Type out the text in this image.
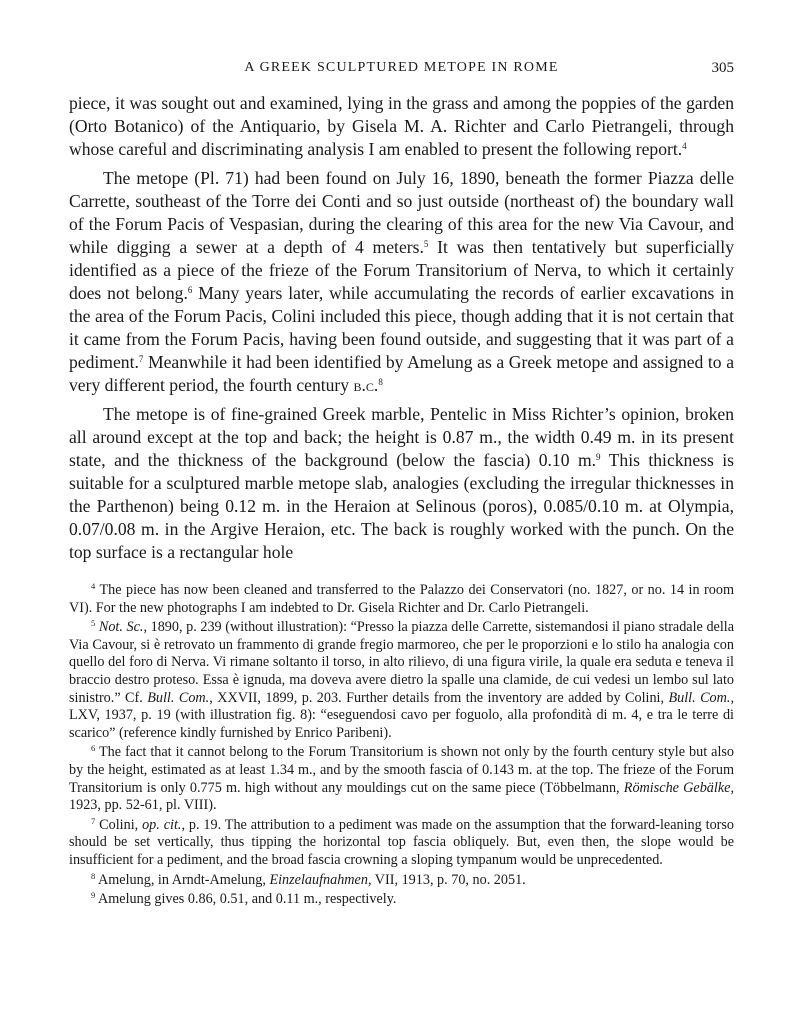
A GREEK SCULPTURED METOPE IN ROME	305

piece, it was sought out and examined, lying in the grass and among the poppies of the garden (Orto Botanico) of the Antiquario, by Gisela M. A. Richter and Carlo Pietrangeli, through whose careful and discriminating analysis I am enabled to present the following report.$^4$

The metope (Pl. 71) had been found on July 16, 1890, beneath the former Piazza delle Carrette, southeast of the Torre dei Conti and so just outside (northeast of) the boundary wall of the Forum Pacis of Vespasian, during the clearing of this area for the new Via Cavour, and while digging a sewer at a depth of 4 meters.$^5$ It was then tentatively but superficially identified as a piece of the frieze of the Forum Transitorium of Nerva, to which it certainly does not belong.$^6$ Many years later, while accumulating the records of earlier excavations in the area of the Forum Pacis, Colini included this piece, though adding that it is not certain that it came from the Forum Pacis, having been found outside, and suggesting that it was part of a pediment.$^7$ Meanwhile it had been identified by Amelung as a Greek metope and assigned to a very different period, the fourth century b.c.$^8$

The metope is of fine-grained Greek marble, Pentelic in Miss Richter’s opinion, broken all around except at the top and back; the height is 0.87 m., the width 0.49 m. in its present state, and the thickness of the background (below the fascia) 0.10 m.$^9$ This thickness is suitable for a sculptured marble metope slab, analogies (excluding the irregular thicknesses in the Parthenon) being 0.12 m. in the Heraion at Selinous (poros), 0.085/0.10 m. at Olympia, 0.07/0.08 m. in the Argive Heraion, etc. The back is roughly worked with the punch. On the top surface is a rectangular hole

$^4$ The piece has now been cleaned and transferred to the Palazzo dei Conservatori (no. 1827, or no. 14 in room VI). For the new photographs I am indebted to Dr. Gisela Richter and Dr. Carlo Pietrangeli.

$^5$ Not. Sc., 1890, p. 239 (without illustration): “Presso la piazza delle Carrette, sistemandosi il piano stradale della Via Cavour, si è retrovato un frammento di grande fregio marmoreo, che per le proporzioni e lo stilo ha analogia con quello del foro di Nerva. Vi rimane soltanto il torso, in alto rilievo, di una figura virile, la quale era seduta e teneva il braccio destro proteso. Essa è ignuda, ma doveva avere dietro la spalle una clamide, de cui vedesi un lembo sul lato sinistro.” Cf. Bull. Com., XXVII, 1899, p. 203. Further details from the inventory are added by Colini, Bull. Com., LXV, 1937, p. 19 (with illustration fig. 8): “eseguendosi cavo per foguolo, alla profondità di m. 4, e tra le terre di scarico” (reference kindly furnished by Enrico Paribeni).

$^6$ The fact that it cannot belong to the Forum Transitorium is shown not only by the fourth century style but also by the height, estimated as at least 1.34 m., and by the smooth fascia of 0.143 m. at the top. The frieze of the Forum Transitorium is only 0.775 m. high without any mouldings cut on the same piece (Többelmann, Römische Gebälke, 1923, pp. 52-61, pl. VIII).

$^7$ Colini, op. cit., p. 19. The attribution to a pediment was made on the assumption that the forward-leaning torso should be set vertically, thus tipping the horizontal top fascia obliquely. But, even then, the slope would be insufficient for a pediment, and the broad fascia crowning a sloping tympanum would be unprecedented.

$^8$ Amelung, in Arndt-Amelung, Einzelaufnahmen, VII, 1913, p. 70, no. 2051.

$^9$ Amelung gives 0.86, 0.51, and 0.11 m., respectively.
